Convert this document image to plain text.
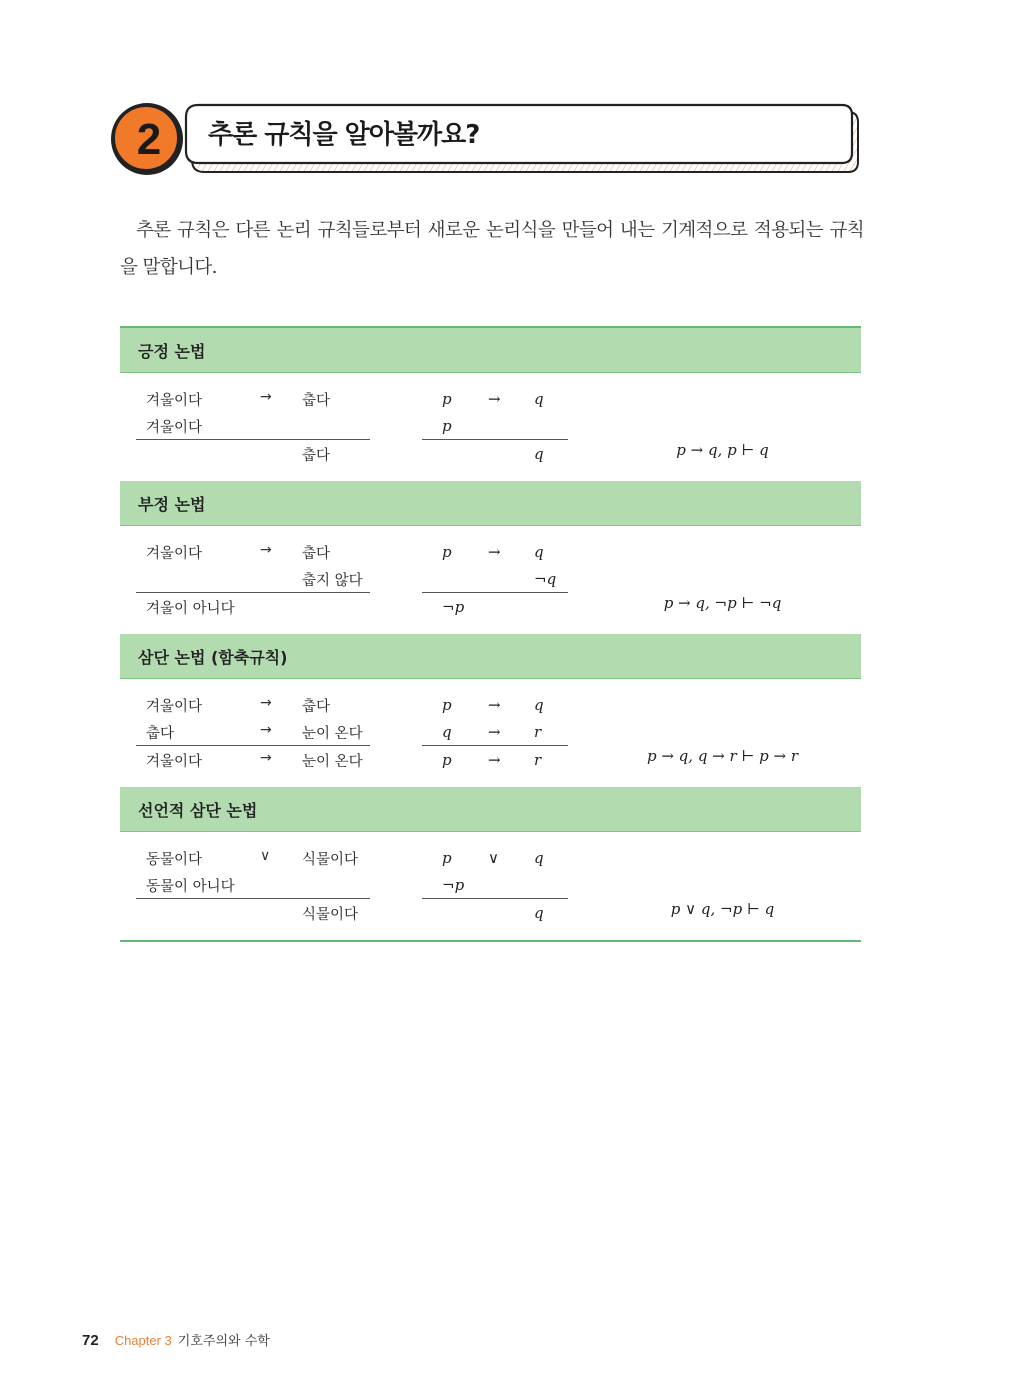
2	추론 규칙을 알아볼까요?
추론 규칙은 다른 논리 규칙들로부터 새로운 논리식을 만들어 내는 기계적으로 적용되는 규칙을 말합니다.
긍정 논법
겨울이다	→ 춥다	p → q
겨울이다	p
춥다	q	p → q, p ⊢ q
부정 논법
겨울이다	→ 춥다	p → q
춥지 않다	¬q
겨울이 아니다	¬p	p → q, ¬p ⊢ ¬q
삼단 논법 (함축규칙)
겨울이다	→ 춥다	p → q
춥다	→ 눈이 온다	q → r
겨울이다	→ 눈이 온다	p → r	p → q, q → r ⊢ p → r
선언적 삼단 논법
동물이다	∨ 식물이다	p ∨ q
동물이 아니다	¬p
식물이다	q	p ∨ q, ¬p ⊢ q
72 Chapter 3 기호주의와 수학
